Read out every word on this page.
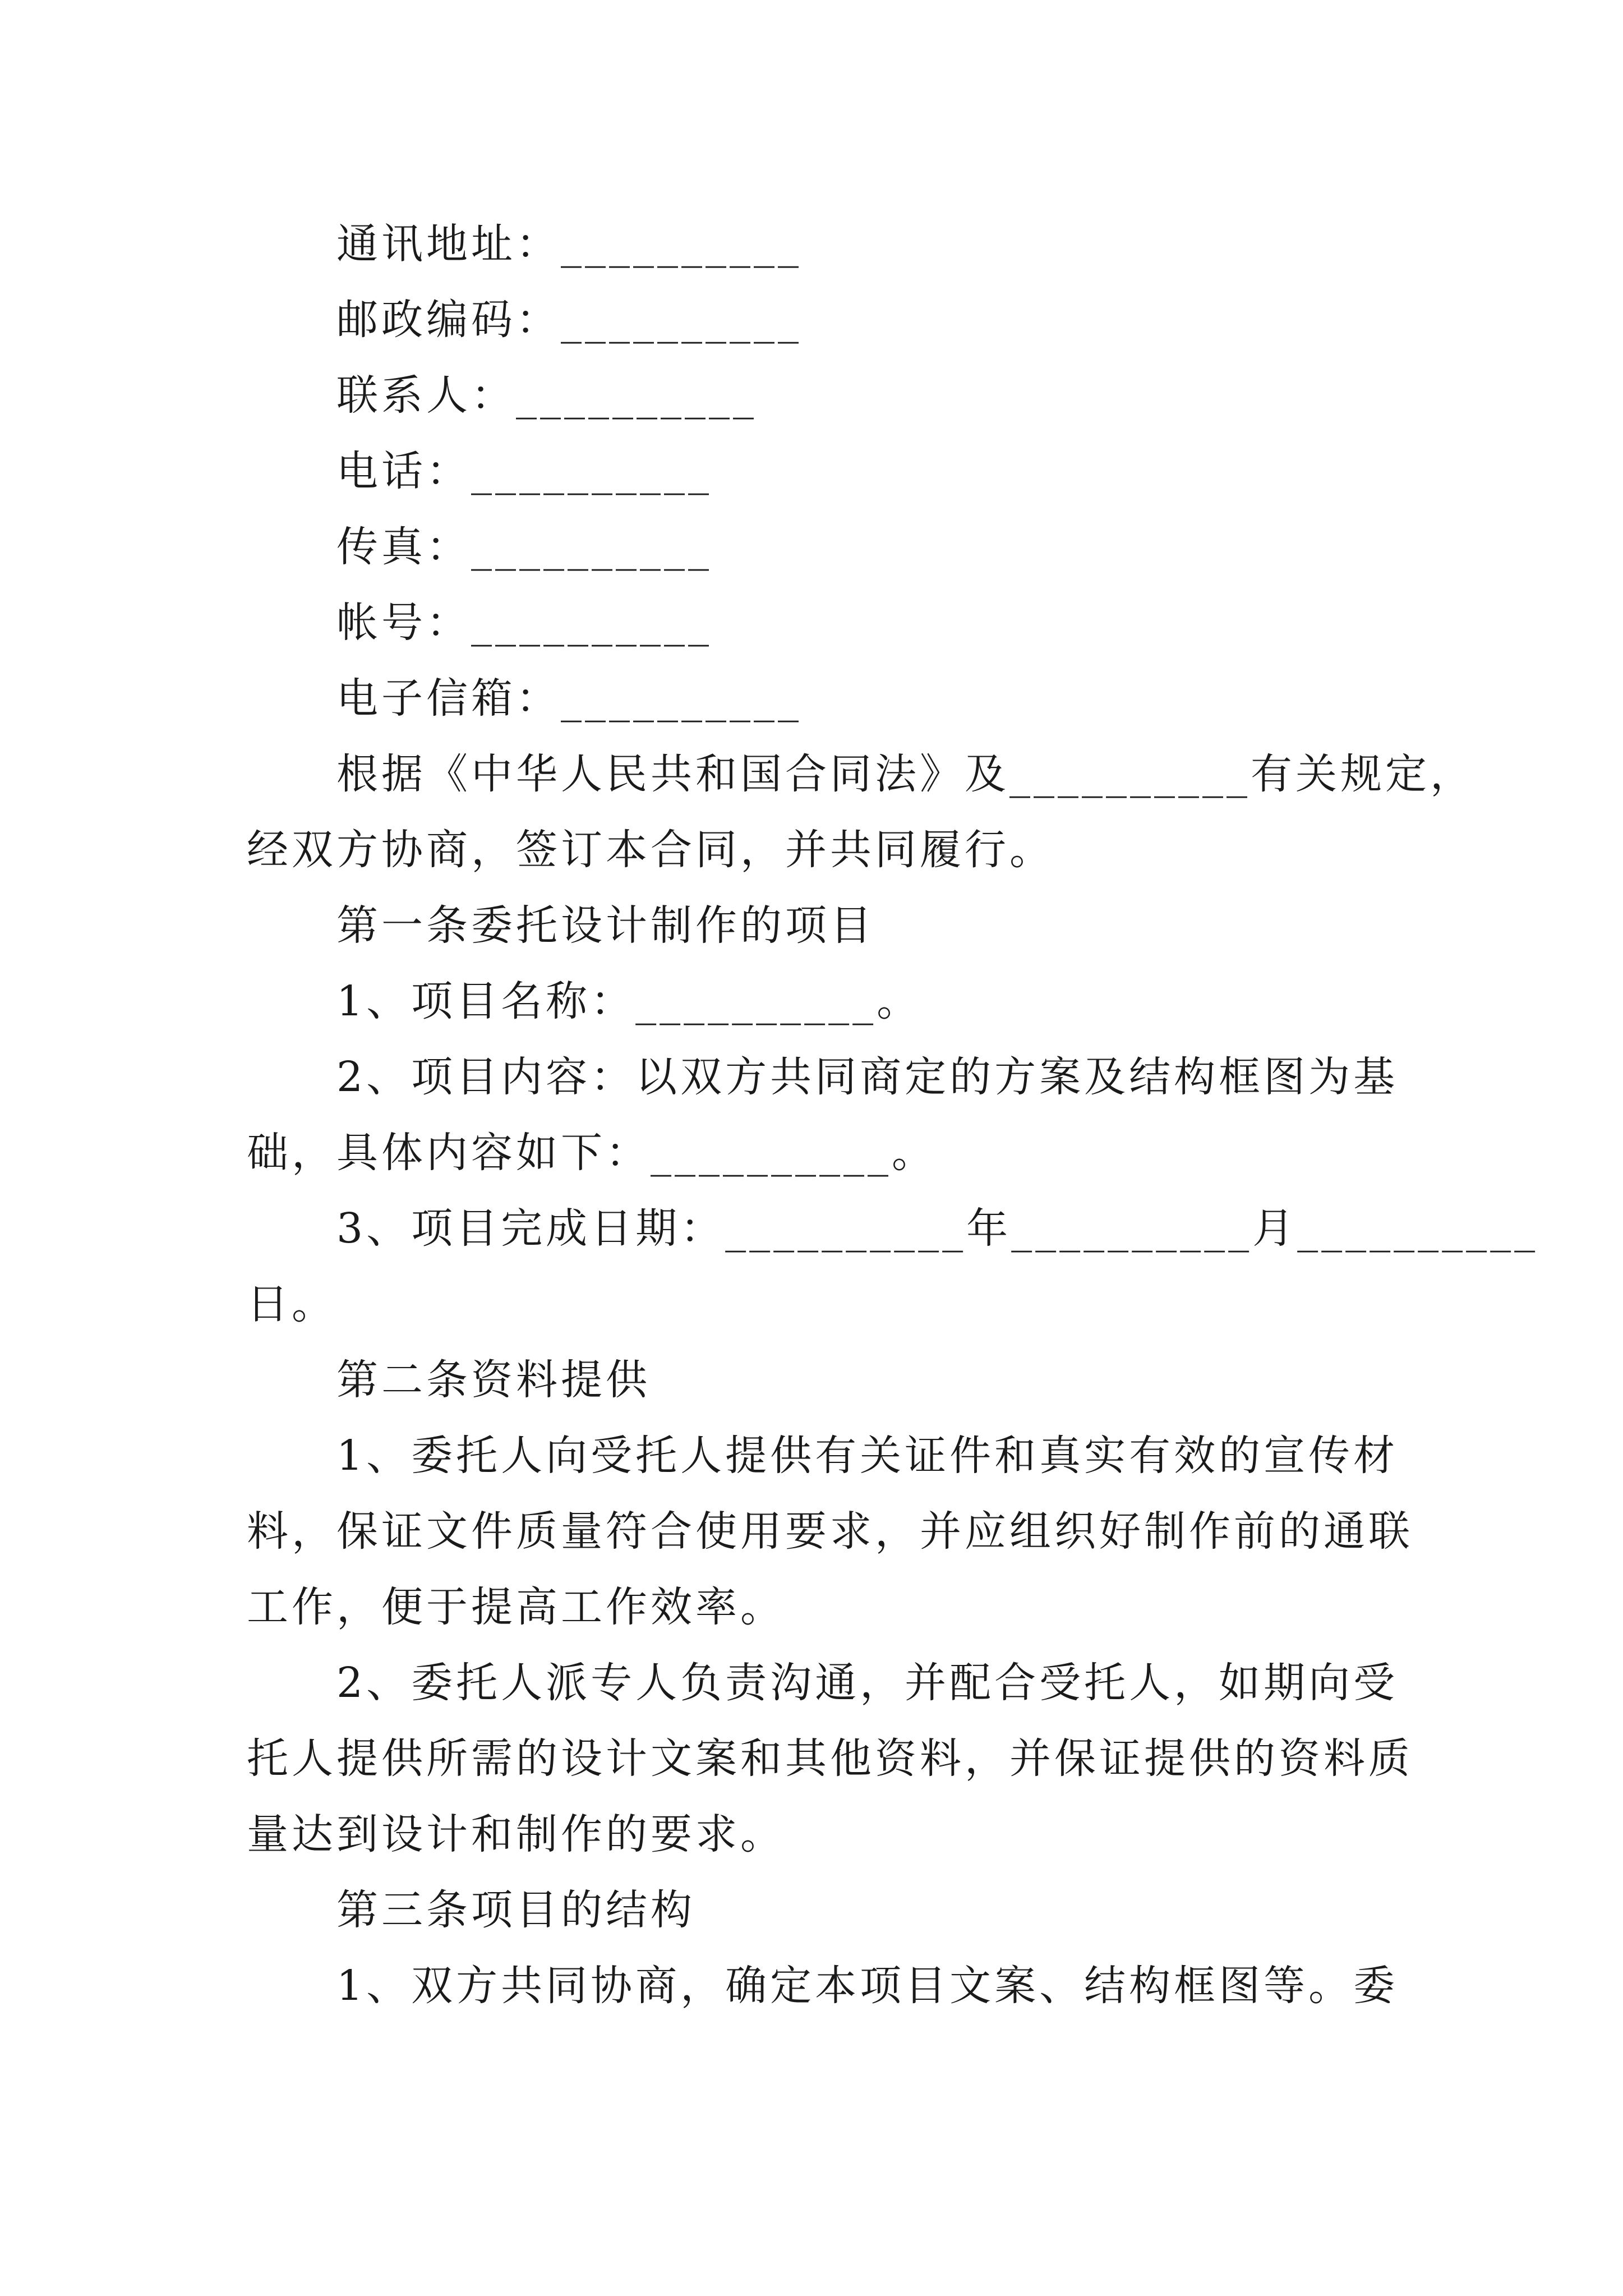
通讯地址：__________
邮政编码：__________
联系人：__________
电话：__________
传真：__________
帐号：__________
电子信箱：__________
根据《中华人民共和国合同法》及__________有关规定，
经双方协商，签订本合同，并共同履行。
第一条委托设计制作的项目
1、项目名称：__________。
2、项目内容：以双方共同商定的方案及结构框图为基
础，具体内容如下：__________。
3、项目完成日期：__________年__________月__________
日。
第二条资料提供
1、委托人向受托人提供有关证件和真实有效的宣传材
料，保证文件质量符合使用要求，并应组织好制作前的通联
工作，便于提高工作效率。
2、委托人派专人负责沟通，并配合受托人，如期向受
托人提供所需的设计文案和其他资料，并保证提供的资料质
量达到设计和制作的要求。
第三条项目的结构
1、双方共同协商，确定本项目文案、结构框图等。委
